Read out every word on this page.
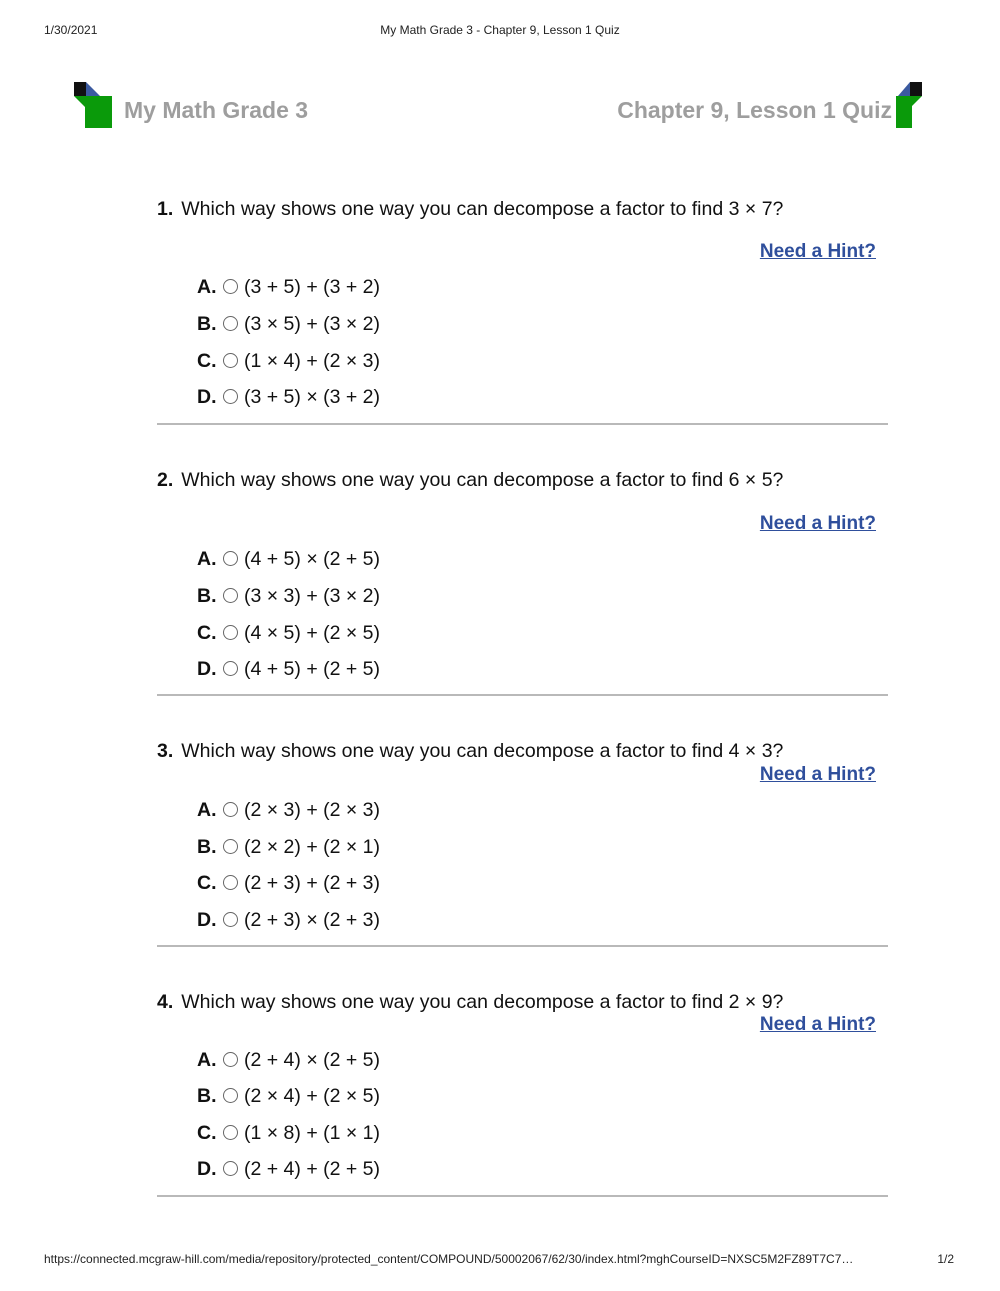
1/30/2021	My Math Grade 3 - Chapter 9, Lesson 1 Quiz
My Math Grade 3	Chapter 9, Lesson 1 Quiz
1. Which way shows one way you can decompose a factor to find 3 × 7?
Need a Hint?
A. (3 + 5) + (3 + 2)
B. (3 × 5) + (3 × 2)
C. (1 × 4) + (2 × 3)
D. (3 + 5) × (3 + 2)
2. Which way shows one way you can decompose a factor to find 6 × 5?
Need a Hint?
A. (4 + 5) × (2 + 5)
B. (3 × 3) + (3 × 2)
C. (4 × 5) + (2 × 5)
D. (4 + 5) + (2 + 5)
3. Which way shows one way you can decompose a factor to find 4 × 3?
Need a Hint?
A. (2 × 3) + (2 × 3)
B. (2 × 2) + (2 × 1)
C. (2 + 3) + (2 + 3)
D. (2 + 3) × (2 + 3)
4. Which way shows one way you can decompose a factor to find 2 × 9?
Need a Hint?
A. (2 + 4) × (2 + 5)
B. (2 × 4) + (2 × 5)
C. (1 × 8) + (1 × 1)
D. (2 + 4) + (2 + 5)
https://connected.mcgraw-hill.com/media/repository/protected_content/COMPOUND/50002067/62/30/index.html?mghCourseID=NXSC5M2FZ89T7C7…	1/2
